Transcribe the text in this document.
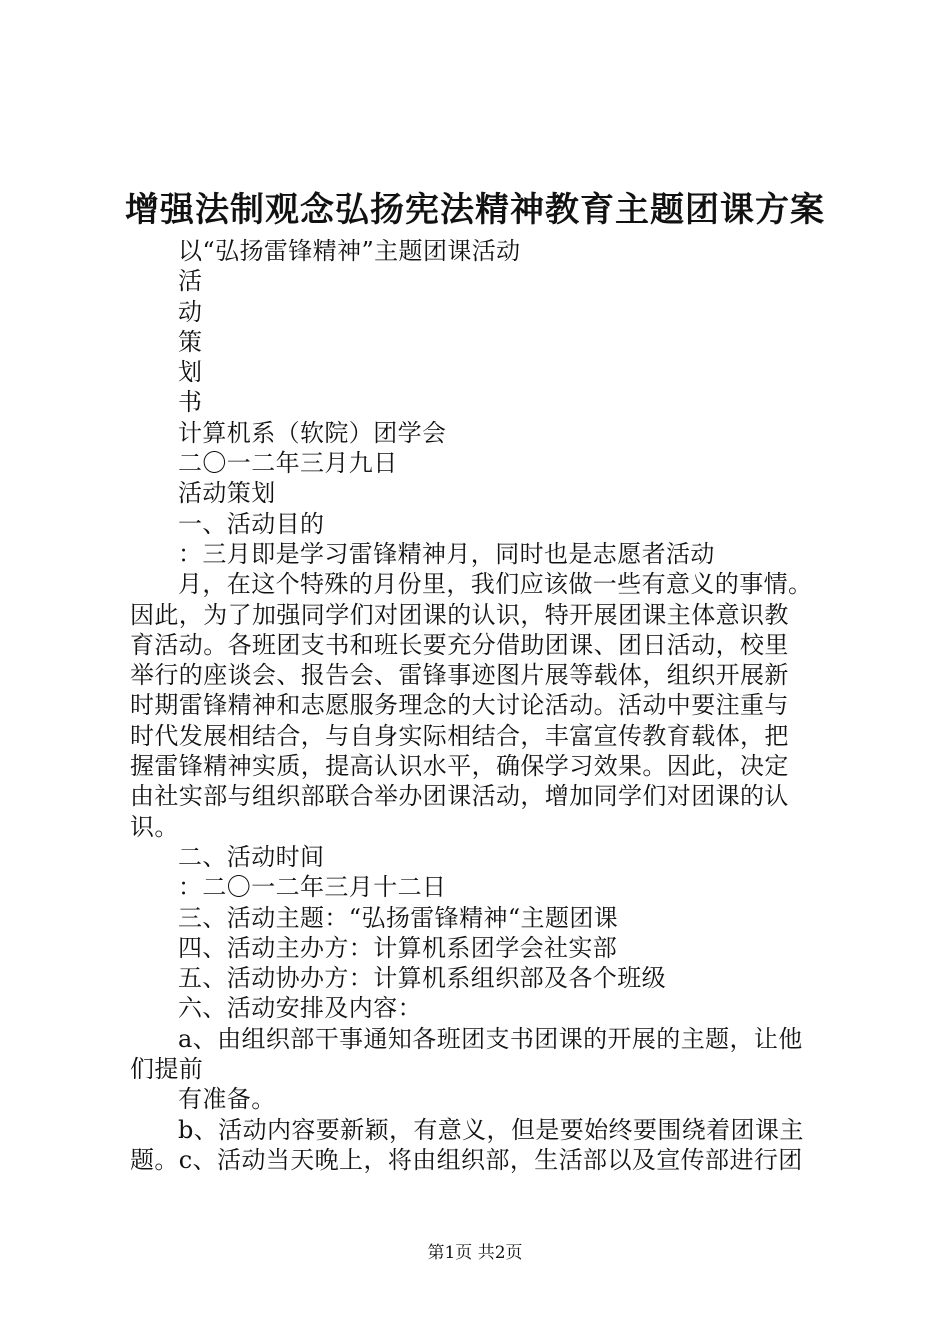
增强法制观念弘扬宪法精神教育主题团课方案
以“弘扬雷锋精神”主题团课活动
活
动
策
划
书
计算机系（软院）团学会
二〇一二年三月九日
活动策划
一、活动目的
：三月即是学习雷锋精神月，同时也是志愿者活动
月，在这个特殊的月份里，我们应该做一些有意义的事情。
因此，为了加强同学们对团课的认识，特开展团课主体意识教
育活动。各班团支书和班长要充分借助团课、团日活动，校里
举行的座谈会、报告会、雷锋事迹图片展等载体，组织开展新
时期雷锋精神和志愿服务理念的大讨论活动。活动中要注重与
时代发展相结合，与自身实际相结合，丰富宣传教育载体，把
握雷锋精神实质，提高认识水平，确保学习效果。因此，决定
由社实部与组织部联合举办团课活动，增加同学们对团课的认
识。
二、活动时间
：二〇一二年三月十二日
三、活动主题：“弘扬雷锋精神“主题团课
四、活动主办方：计算机系团学会社实部
五、活动协办方：计算机系组织部及各个班级
六、活动安排及内容：
a、由组织部干事通知各班团支书团课的开展的主题，让他
们提前
有准备。
b、活动内容要新颖，有意义，但是要始终要围绕着团课主
题。c、活动当天晚上，将由组织部，生活部以及宣传部进行团
第1页 共2页
